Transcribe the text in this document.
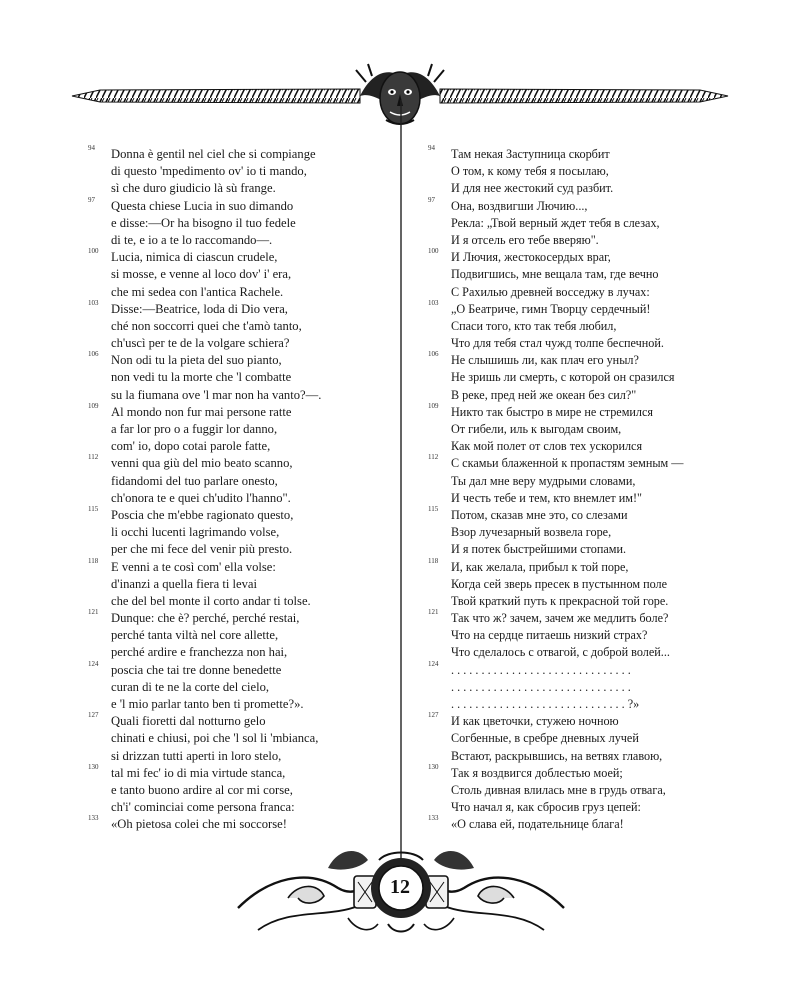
94 Donna è gentil nel ciel che si compiange
di questo 'mpedimento ov' io ti mando,
sì che duro giudicio là sù frange.
97 Questa chiese Lucia in suo dimando
e disse:—Or ha bisogno il tuo fedele
di te, e io a te lo raccomando—.
100 Lucia, nimica di ciascun crudele,
si mosse, e venne al loco dov' i' era,
che mi sedea con l'antica Rachele.
103 Disse:—Beatrice, loda di Dio vera,
ché non soccorri quei che t'amò tanto,
ch'uscì per te de la volgare schiera?
106 Non odi tu la pieta del suo pianto,
non vedi tu la morte che 'l combatte
su la fiumana ove 'l mar non ha vanto?—.
109 Al mondo non fur mai persone ratte
a far lor pro o a fuggir lor danno,
com' io, dopo cotai parole fatte,
112 venni qua giù del mio beato scanno,
fidandomi del tuo parlare onesto,
ch'onora te e quei ch'udito l'hanno".
115 Poscia che m'ebbe ragionato questo,
li occhi lucenti lagrimando volse,
per che mi fece del venir più presto.
118 E venni a te così com' ella volse:
d'inanzi a quella fiera ti levai
che del bel monte il corto andar ti tolse.
121 Dunque: che è? perché, perché restai,
perché tanta viltà nel core allette,
perché ardire e franchezza non hai,
124 poscia che tai tre donne benedette
curan di te ne la corte del cielo,
e 'l mio parlar tanto ben ti promette?».
127 Quali fioretti dal notturno gelo
chinati e chiusi, poi che 'l sol li 'mbianca,
si drizzan tutti aperti in loro stelo,
130 tal mi fec' io di mia virtude stanca,
e tanto buono ardire al cor mi corse,
ch'i' cominciai come persona franca:
133 «Oh pietosa colei che mi soccorse!
94 Там некая Заступница скорбит
О том, к кому тебя я посылаю,
И для нее жестокий суд разбит.
97 Она, воздвигши Лючию...,
Рекла: „Твой верный ждет тебя в слезах,
И я отсель его тебе вверяю".
100 И Лючия, жестокосердых враг,
Подвигшись, мне вещала там, где вечно
С Рахилью древней восседжу в лучах:
103 „О Беатриче, гимн Творцу сердечный!
Спаси того, кто так тебя любил,
Что для тебя стал чужд толпе беспечной.
106 Не слышишь ли, как плач его уныл?
Не зришь ли смерть, с которой он сразился
В реке, пред ней же океан без сил?"
109 Никто так быстро в мире не стремился
От гибели, иль к выгодам своим,
Как мой полет от слов тех ускорился
112 С скамьи блаженной к пропастям земным —
Ты дал мне веру мудрыми словами,
И честь тебе и тем, кто внемлет им!"
115 Потом, сказав мне это, со слезами
Взор лучезарный возвела горе,
И я потек быстрейшими стопами.
118 И, как желала, прибыл к той поре,
Когда сей зверь пресек в пустынном поле
Твой краткий путь к прекрасной той горе.
121 Так что ж? зачем, зачем же медлить боле?
Что на сердце питаешь низкий страх?
Что сделалось с отвагой, с доброй волей...
124 . . . . . . . . . . . . . . . . . . . . . . . . . . . . . .
. . . . . . . . . . . . . . . . . . . . . . . . . . . . . .
. . . . . . . . . . . . . . . . . . . . . . . . . . . . . ?»
127 И как цветочки, стужею ночною
Согбенные, в сребре дневных лучей
Встают, раскрывшись, на ветвях главою,
130 Так я воздвигся доблестью моей;
Столь дивная влилась мне в грудь отвага,
Что начал я, как сбросив груз цепей:
133 «О слава ей, подательнице блага!
12
